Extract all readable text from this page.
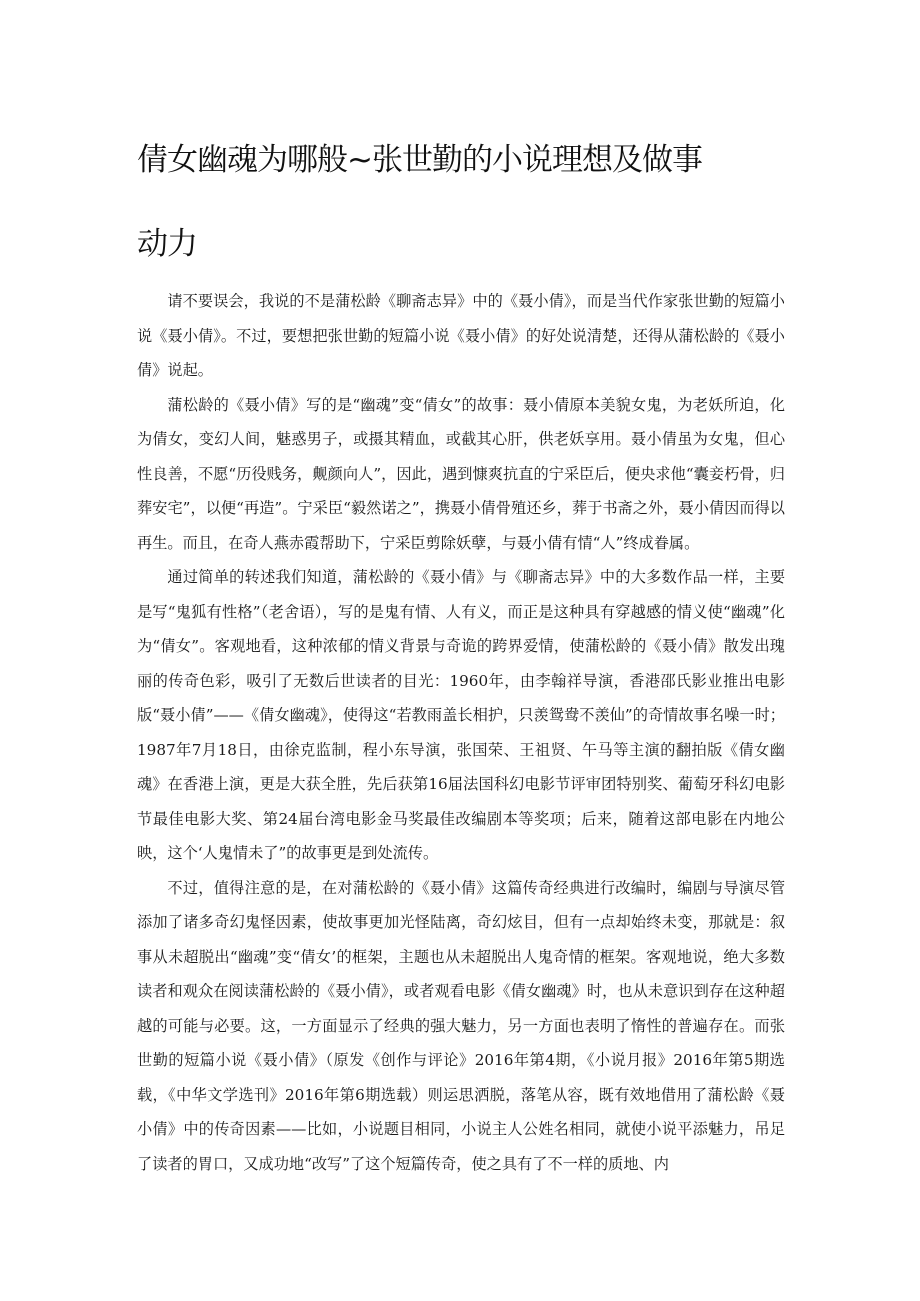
倩女幽魂为哪般~张世勤的小说理想及做事
动力

请不要误会，我说的不是蒲松龄《聊斋志异》中的《聂小倩》，而是当代作家张世勤的短篇小说《聂小倩》。不过，要想把张世勤的短篇小说《聂小倩》的好处说清楚，还得从蒲松龄的《聂小倩》说起。

蒲松龄的《聂小倩》写的是“幽魂”变“倩女”的故事：聂小倩原本美貌女鬼，为老妖所迫，化为倩女，变幻人间，魅惑男子，或摄其精血，或截其心肝，供老妖享用。聂小倩虽为女鬼，但心性良善，不愿“历役贱务，觍颜向人”，因此，遇到慷爽抗直的宁采臣后，便央求他“囊妾朽骨，归葬安宅”，以便“再造”。宁采臣“毅然诺之”，携聂小倩骨殖还乡，葬于书斋之外，聂小倩因而得以再生。而且，在奇人燕赤霞帮助下，宁采臣剪除妖孽，与聂小倩有情“人”终成眷属。

通过简单的转述我们知道，蒲松龄的《聂小倩》与《聊斋志异》中的大多数作品一样，主要是写“鬼狐有性格”（老舍语），写的是鬼有情、人有义，而正是这种具有穿越感的情义使“幽魂”化为“倩女”。客观地看，这种浓郁的情义背景与奇诡的跨界爱情，使蒲松龄的《聂小倩》散发出瑰丽的传奇色彩，吸引了无数后世读者的目光：1960年，由李翰祥导演，香港邵氏影业推出电影版“聂小倩”——《倩女幽魂》，使得这“若教雨盖长相护，只羡鸳鸯不羡仙”的奇情故事名噪一时；1987年7月18日，由徐克监制，程小东导演，张国荣、王祖贤、午马等主演的翻拍版《倩女幽魂》在香港上演，更是大获全胜，先后获第16届法国科幻电影节评审团特别奖、葡萄牙科幻电影节最佳电影大奖、第24届台湾电影金马奖最佳改编剧本等奖项；后来，随着这部电影在内地公映，这个‘人鬼情未了”的故事更是到处流传。

不过，值得注意的是，在对蒲松龄的《聂小倩》这篇传奇经典进行改编时，编剧与导演尽管添加了诸多奇幻鬼怪因素，使故事更加光怪陆离，奇幻炫目，但有一点却始终未变，那就是：叙事从未超脱出“幽魂”变“倩女’的框架，主题也从未超脱出人鬼奇情的框架。客观地说，绝大多数读者和观众在阅读蒲松龄的《聂小倩》，或者观看电影《倩女幽魂》时，也从未意识到存在这种超越的可能与必要。这，一方面显示了经典的强大魅力，另一方面也表明了惰性的普遍存在。而张世勤的短篇小说《聂小倩》（原发《创作与评论》2016年第4期，《小说月报》2016年第5期选载，《中华文学选刊》2016年第6期选载）则运思洒脱，落笔从容，既有效地借用了蒲松龄《聂小倩》中的传奇因素——比如，小说题目相同，小说主人公姓名相同，就使小说平添魅力，吊足了读者的胃口，又成功地“改写”了这个短篇传奇，使之具有了不一样的质地、内
